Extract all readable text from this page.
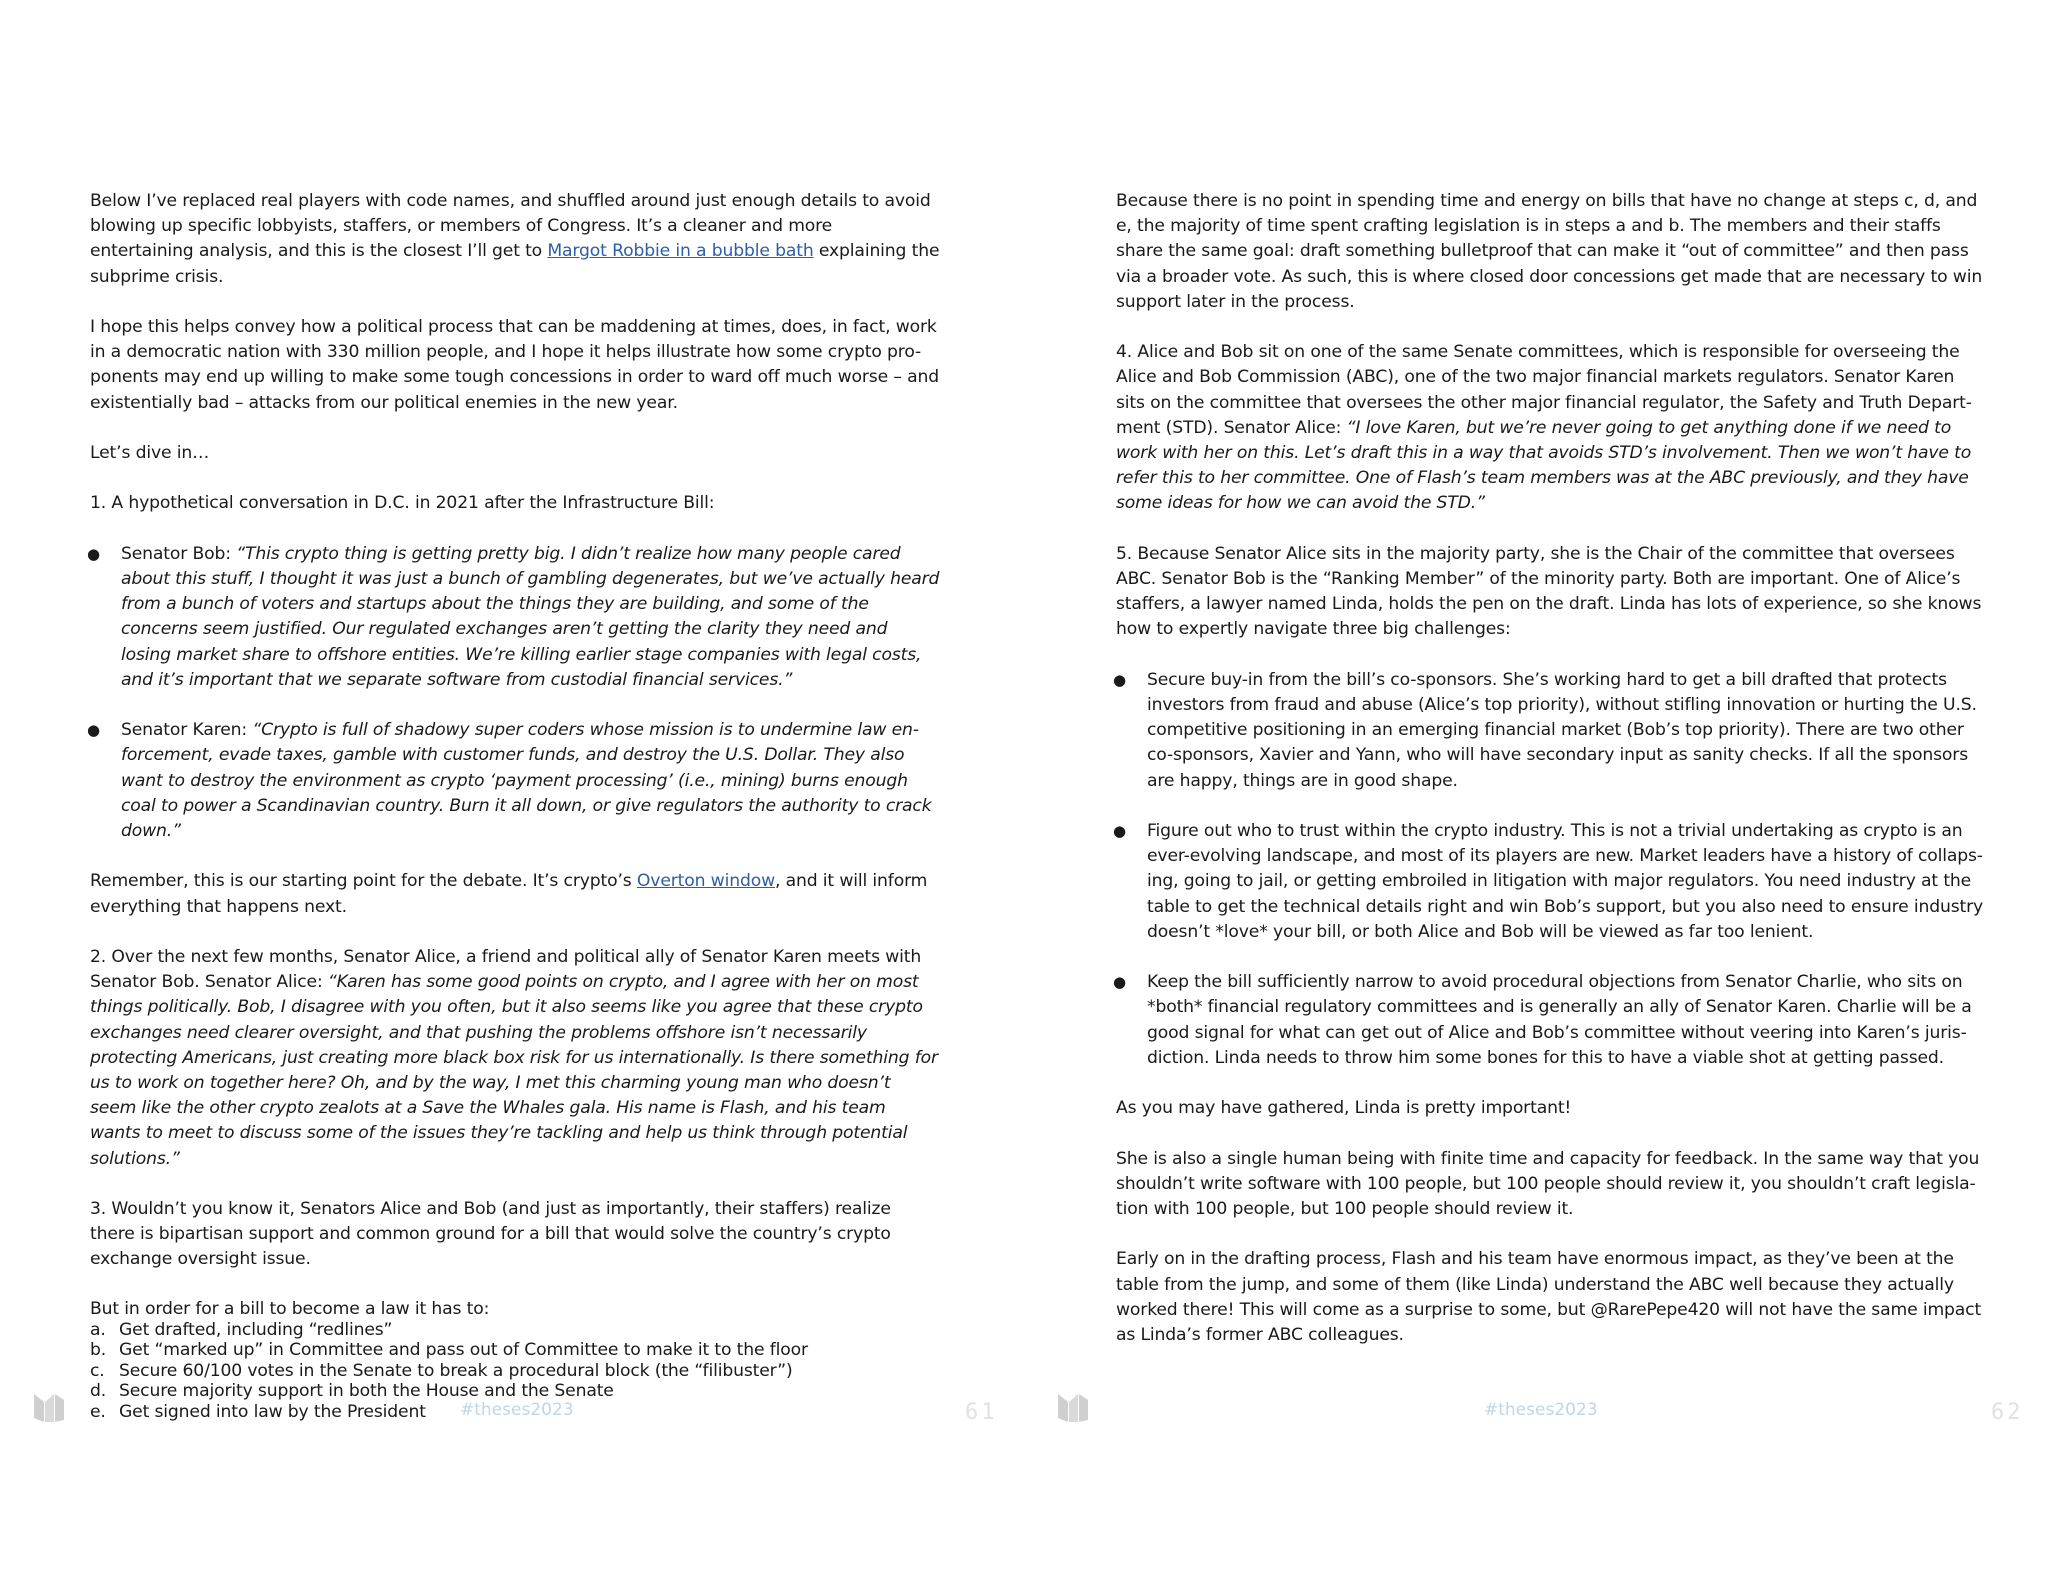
Below I’ve replaced real players with code names, and shuffled around just enough details to avoid blowing up specific lobbyists, staffers, or members of Congress. It’s a cleaner and more entertaining analysis, and this is the closest I’ll get to Margot Robbie in a bubble bath explaining the subprime crisis.

I hope this helps convey how a political process that can be maddening at times, does, in fact, work in a democratic nation with 330 million people, and I hope it helps illustrate how some crypto pro-ponents may end up willing to make some tough concessions in order to ward off much worse – and existentially bad – attacks from our political enemies in the new year.

Let’s dive in…

1. A hypothetical conversation in D.C. in 2021 after the Infrastructure Bill:

● Senator Bob: “This crypto thing is getting pretty big. I didn’t realize how many people cared about this stuff, I thought it was just a bunch of gambling degenerates, but we’ve actually heard from a bunch of voters and startups about the things they are building, and some of the concerns seem justified. Our regulated exchanges aren’t getting the clarity they need and losing market share to offshore entities. We’re killing earlier stage companies with legal costs, and it’s important that we separate software from custodial financial services.”
● Senator Karen: “Crypto is full of shadowy super coders whose mission is to undermine law en-forcement, evade taxes, gamble with customer funds, and destroy the U.S. Dollar. They also want to destroy the environment as crypto ‘payment processing’ (i.e., mining) burns enough coal to power a Scandinavian country. Burn it all down, or give regulators the authority to crack down.”

Remember, this is our starting point for the debate. It’s crypto’s Overton window, and it will inform everything that happens next.

2. Over the next few months, Senator Alice, a friend and political ally of Senator Karen meets with Senator Bob. Senator Alice: “Karen has some good points on crypto, and I agree with her on most things politically. Bob, I disagree with you often, but it also seems like you agree that these crypto exchanges need clearer oversight, and that pushing the problems offshore isn’t necessarily protecting Americans, just creating more black box risk for us internationally. Is there something for us to work on together here? Oh, and by the way, I met this charming young man who doesn’t seem like the other crypto zealots at a Save the Whales gala. His name is Flash, and his team wants to meet to discuss some of the issues they’re tackling and help us think through potential solutions.”

3. Wouldn’t you know it, Senators Alice and Bob (and just as importantly, their staffers) realize there is bipartisan support and common ground for a bill that would solve the country’s crypto exchange oversight issue.

But in order for a bill to become a law it has to:

a. Get drafted, including “redlines”
b. Get “marked up” in Committee and pass out of Committee to make it to the floor
c. Secure 60/100 votes in the Senate to break a procedural block (the “filibuster”)
d. Secure majority support in both the House and the Senate
e. Get signed into law by the President	#theses2023	61

Because there is no point in spending time and energy on bills that have no change at steps c, d, and e, the majority of time spent crafting legislation is in steps a and b. The members and their staffs share the same goal: draft something bulletproof that can make it “out of committee” and then pass via a broader vote. As such, this is where closed door concessions get made that are necessary to win support later in the process.

4. Alice and Bob sit on one of the same Senate committees, which is responsible for overseeing the Alice and Bob Commission (ABC), one of the two major financial markets regulators. Senator Karen sits on the committee that oversees the other major financial regulator, the Safety and Truth Depart-ment (STD). Senator Alice: “I love Karen, but we’re never going to get anything done if we need to work with her on this. Let’s draft this in a way that avoids STD’s involvement. Then we won’t have to refer this to her committee. One of Flash’s team members was at the ABC previously, and they have some ideas for how we can avoid the STD.”

5. Because Senator Alice sits in the majority party, she is the Chair of the committee that oversees ABC. Senator Bob is the “Ranking Member” of the minority party. Both are important. One of Alice’s staffers, a lawyer named Linda, holds the pen on the draft. Linda has lots of experience, so she knows how to expertly navigate three big challenges:

● Secure buy-in from the bill’s co-sponsors. She’s working hard to get a bill drafted that protects investors from fraud and abuse (Alice’s top priority), without stifling innovation or hurting the U.S. competitive positioning in an emerging financial market (Bob’s top priority). There are two other co-sponsors, Xavier and Yann, who will have secondary input as sanity checks. If all the sponsors are happy, things are in good shape.
● Figure out who to trust within the crypto industry. This is not a trivial undertaking as crypto is an ever-evolving landscape, and most of its players are new. Market leaders have a history of collaps-ing, going to jail, or getting embroiled in litigation with major regulators. You need industry at the table to get the technical details right and win Bob’s support, but you also need to ensure industry doesn’t *love* your bill, or both Alice and Bob will be viewed as far too lenient.
● Keep the bill sufficiently narrow to avoid procedural objections from Senator Charlie, who sits on *both* financial regulatory committees and is generally an ally of Senator Karen. Charlie will be a good signal for what can get out of Alice and Bob’s committee without veering into Karen’s juris-diction. Linda needs to throw him some bones for this to have a viable shot at getting passed.

As you may have gathered, Linda is pretty important!

She is also a single human being with finite time and capacity for feedback. In the same way that you shouldn’t write software with 100 people, but 100 people should review it, you shouldn’t craft legisla-tion with 100 people, but 100 people should review it.

Early on in the drafting process, Flash and his team have enormous impact, as they’ve been at the table from the jump, and some of them (like Linda) understand the ABC well because they actually worked there! This will come as a surprise to some, but @RarePepe420 will not have the same impact as Linda’s former ABC colleagues.

#theses2023	62
